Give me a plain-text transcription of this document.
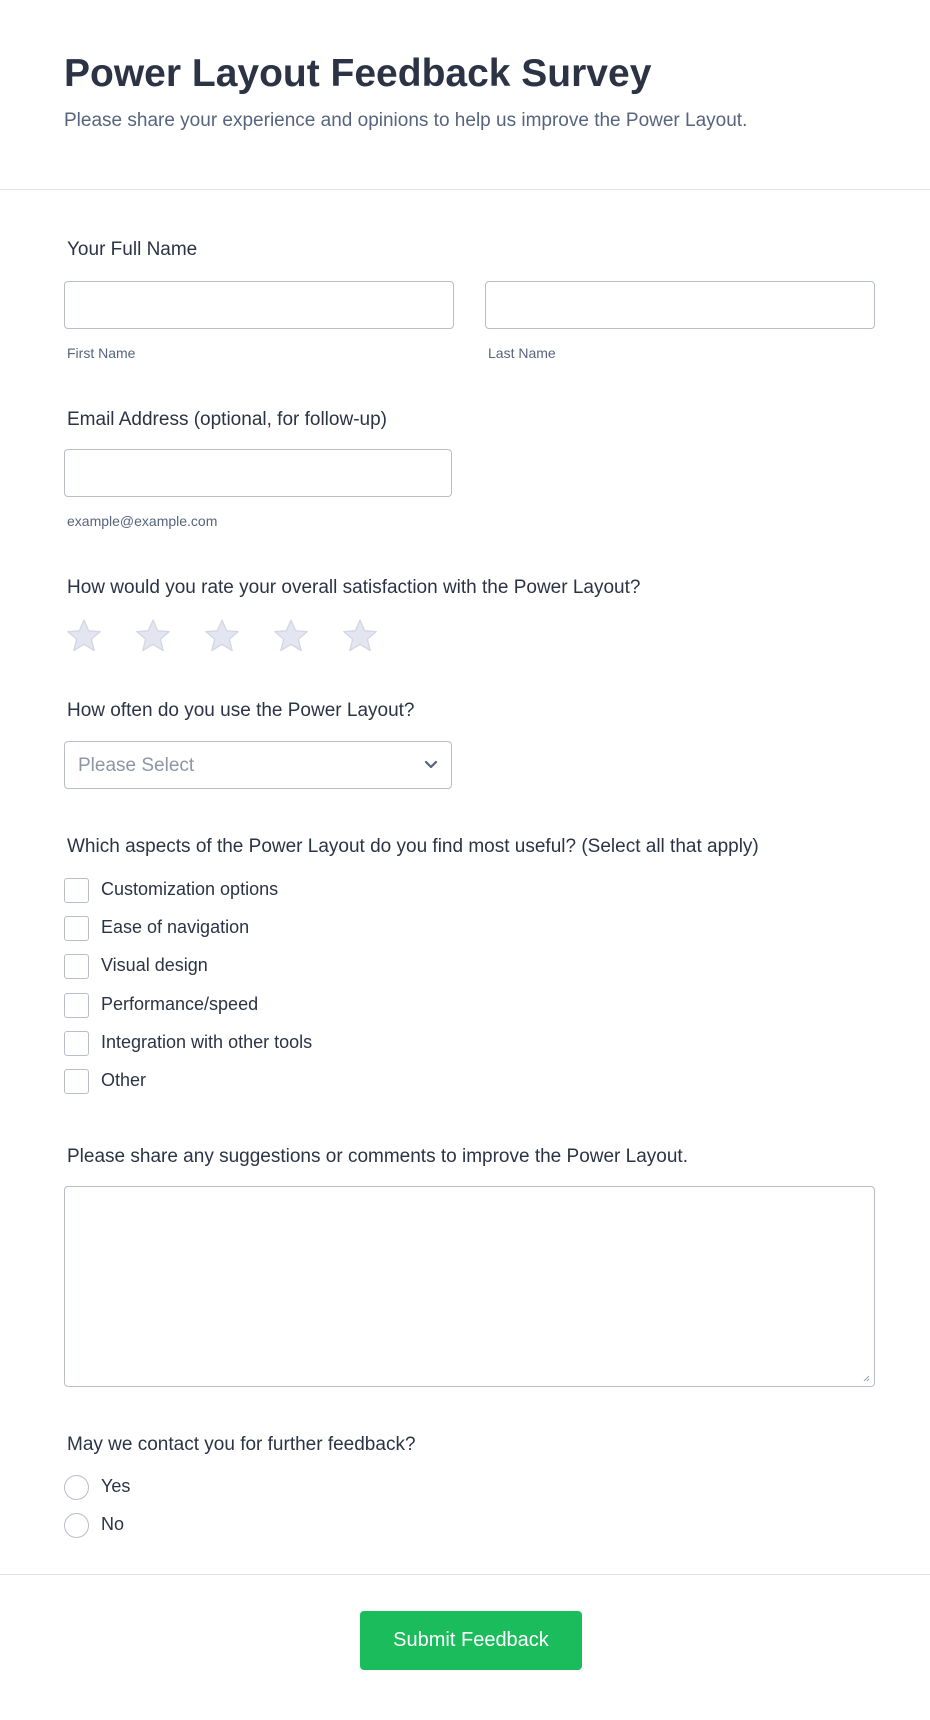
Power Layout Feedback Survey
Please share your experience and opinions to help us improve the Power Layout.
Your Full Name
First Name	Last Name
Email Address (optional, for follow-up)
example@example.com
How would you rate your overall satisfaction with the Power Layout?
How often do you use the Power Layout?
Please Select
Which aspects of the Power Layout do you find most useful? (Select all that apply)
Customization options
Ease of navigation
Visual design
Performance/speed
Integration with other tools
Other
Please share any suggestions or comments to improve the Power Layout.
May we contact you for further feedback?
Yes
No
Submit Feedback
